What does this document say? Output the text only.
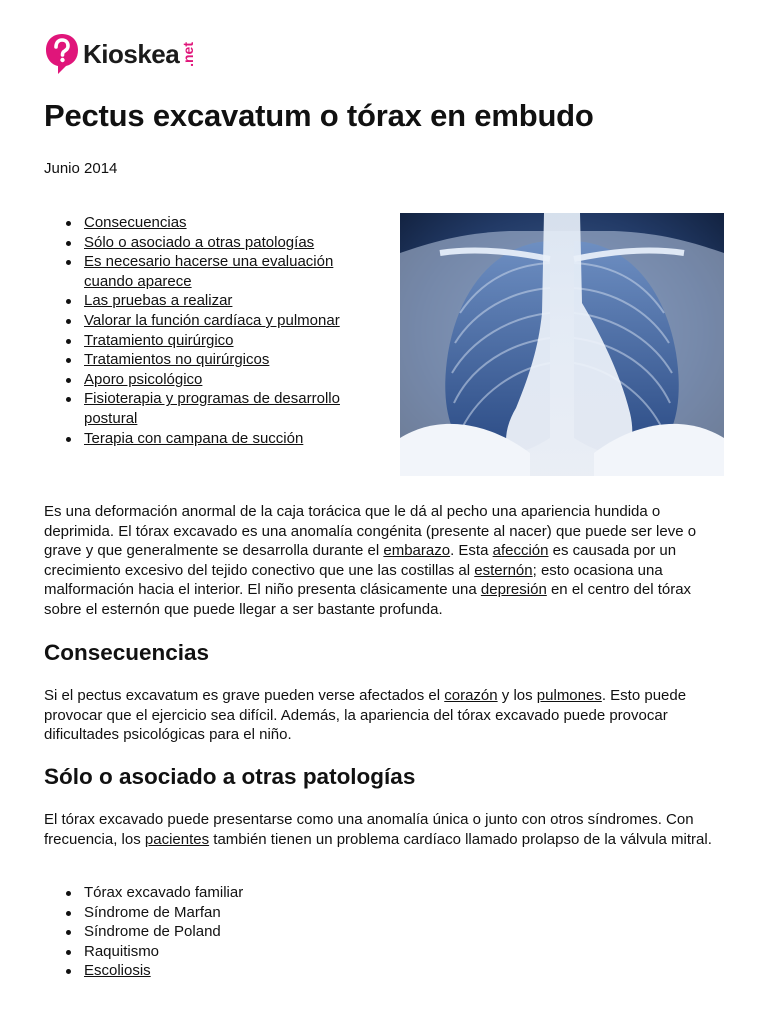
Kioskea .net
Pectus excavatum o tórax en embudo
Junio 2014
Consecuencias
Sólo o asociado a otras patologías
Es necesario hacerse una evaluación cuando aparece
Las pruebas a realizar
Valorar la función cardíaca y pulmonar
Tratamiento quirúrgico
Tratamientos no quirúrgicos
Aporo psicológico
Fisioterapia y programas de desarrollo postural
Terapia con campana de succión

Es una deformación anormal de la caja torácica que le dá al pecho una apariencia hundida o deprimida. El tórax excavado es una anomalía congénita (presente al nacer) que puede ser leve o grave y que generalmente se desarrolla durante el embarazo. Esta afección es causada por un crecimiento excesivo del tejido conectivo que une las costillas al esternón; esto ocasiona una malformación hacia el interior. El niño presenta clásicamente una depresión en el centro del tórax sobre el esternón que puede llegar a ser bastante profunda.

Consecuencias

Si el pectus excavatum es grave pueden verse afectados el corazón y los pulmones. Esto puede provocar que el ejercicio sea difícil. Además, la apariencia del tórax excavado puede provocar dificultades psicológicas para el niño.

Sólo o asociado a otras patologías

El tórax excavado puede presentarse como una anomalía única o junto con otros síndromes. Con frecuencia, los pacientes también tienen un problema cardíaco llamado prolapso de la válvula mitral.

Tórax excavado familiar
Síndrome de Marfan
Síndrome de Poland
Raquitismo
Escoliosis
